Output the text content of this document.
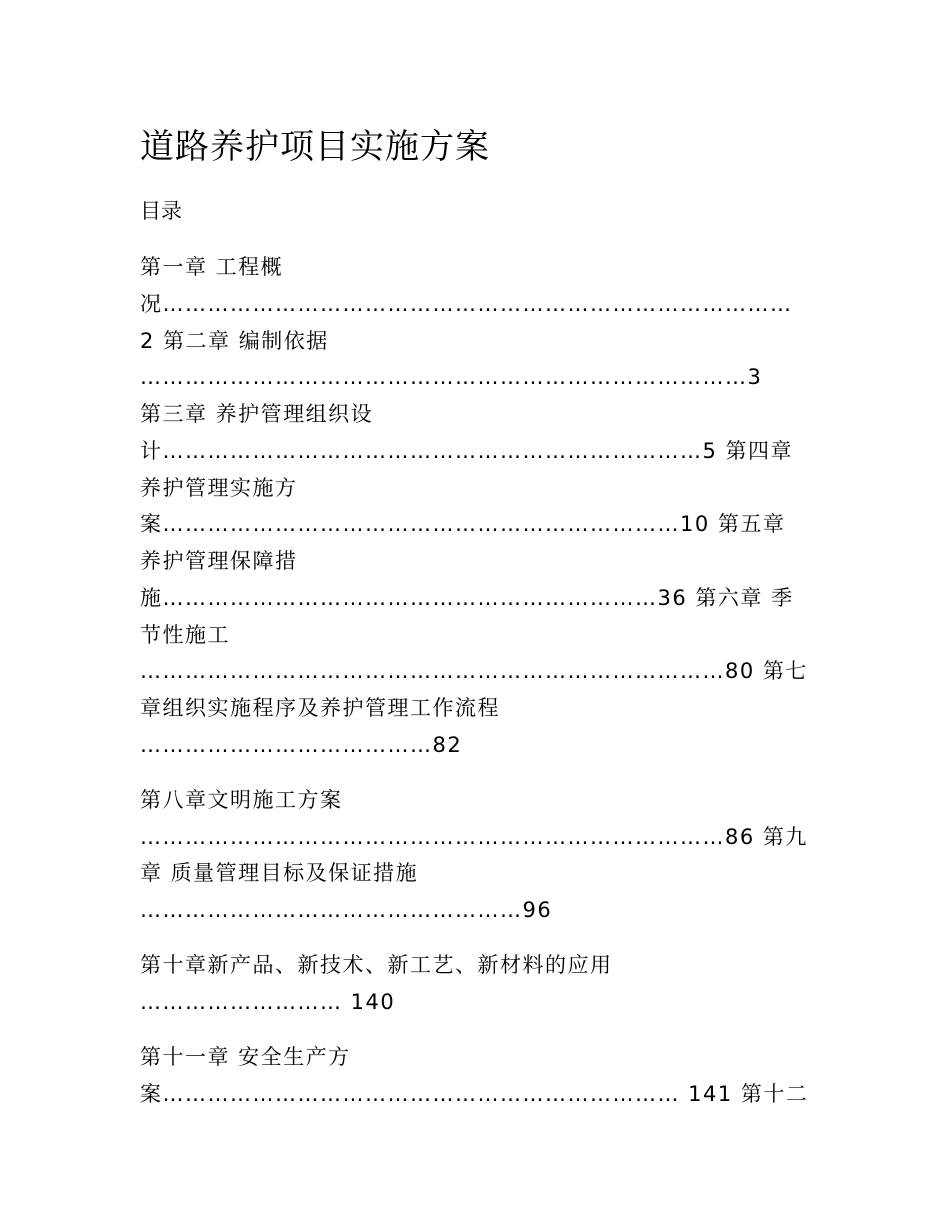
道路养护项目实施方案
目录
第一章 工程概
况…………………………………………………………………………
2 第二章 编制依据
………………………………………………………………………3
第三章 养护管理组织设
计………………………………………………………………5 第四章
养护管理实施方
案……………………………………………………………10 第五章
养护管理保障措
施…………………………………………………………36 第六章 季
节性施工
……………………………………………………………………80 第七
章组织实施程序及养护管理工作流程
…………………………………82
第八章文明施工方案
……………………………………………………………………86 第九
章 质量管理目标及保证措施
……………………………………………96
第十章新产品、新技术、新工艺、新材料的应用
……………………… 140
第十一章 安全生产方
案…………………………………………………………… 141 第十二
